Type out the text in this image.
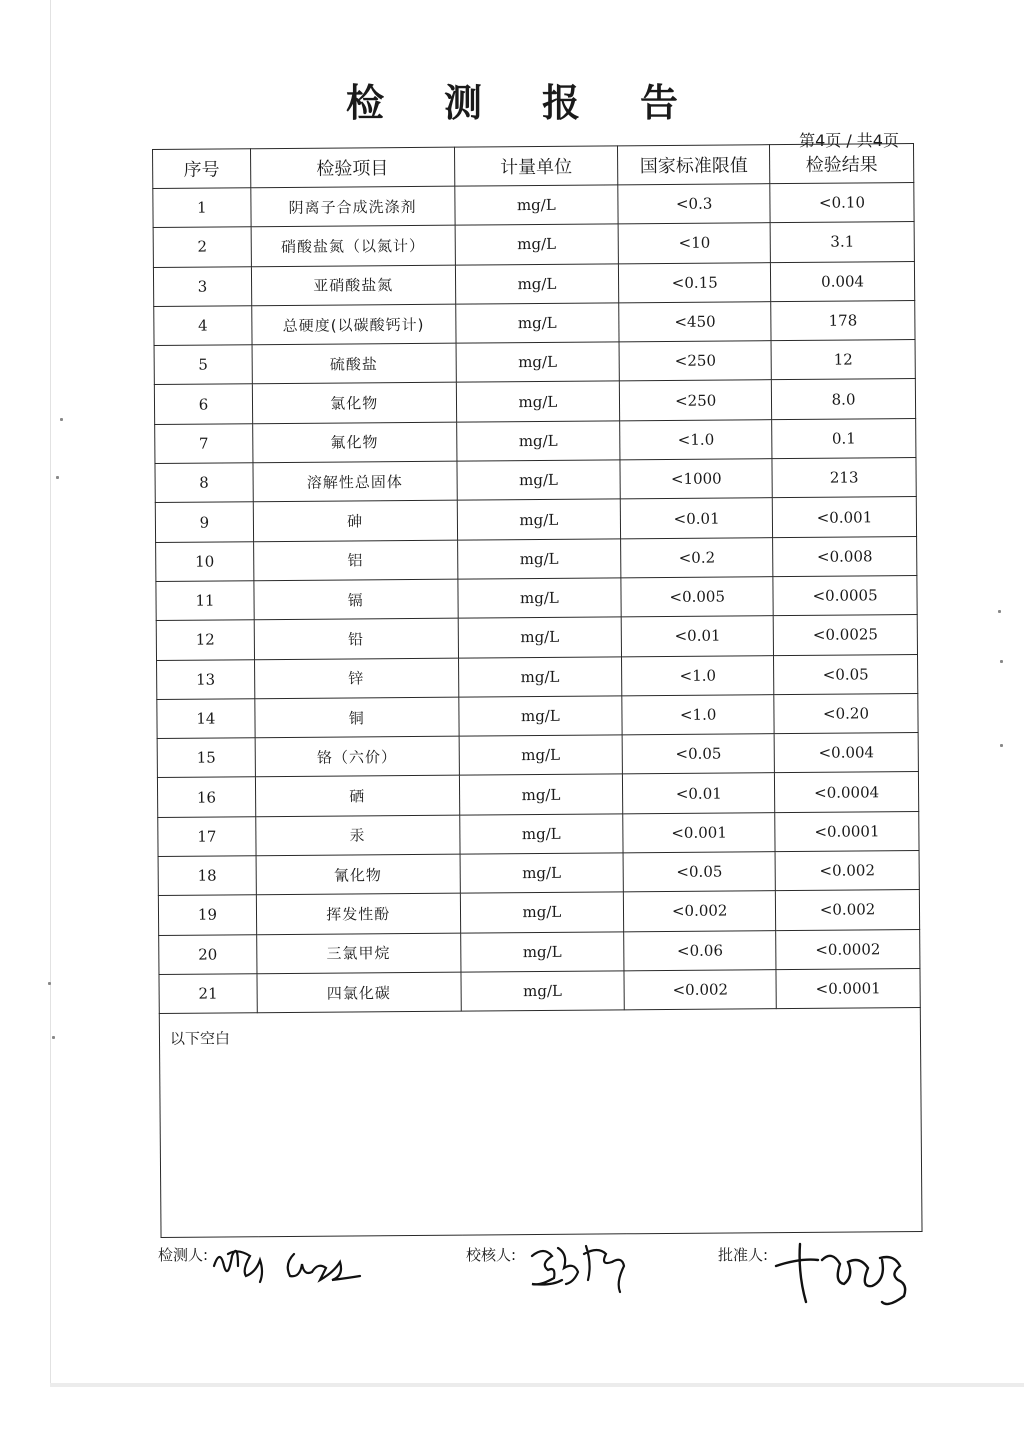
检 测 报 告
第4页 / 共4页
序号	检验项目	计量单位	国家标准限值	检验结果
1	阴离子合成洗涤剂	mg/L	<0.3	<0.10
2	硝酸盐氮（以氮计）	mg/L	<10	3.1
3	亚硝酸盐氮	mg/L	<0.15	0.004
4	总硬度(以碳酸钙计)	mg/L	<450	178
5	硫酸盐	mg/L	<250	12
6	氯化物	mg/L	<250	8.0
7	氟化物	mg/L	<1.0	0.1
8	溶解性总固体	mg/L	<1000	213
9	砷	mg/L	<0.01	<0.001
10	铝	mg/L	<0.2	<0.008
11	镉	mg/L	<0.005	<0.0005
12	铅	mg/L	<0.01	<0.0025
13	锌	mg/L	<1.0	<0.05
14	铜	mg/L	<1.0	<0.20
15	铬（六价）	mg/L	<0.05	<0.004
16	硒	mg/L	<0.01	<0.0004
17	汞	mg/L	<0.001	<0.0001
18	氰化物	mg/L	<0.05	<0.002
19	挥发性酚	mg/L	<0.002	<0.002
20	三氯甲烷	mg/L	<0.06	<0.0002
21	四氯化碳	mg/L	<0.002	<0.0001
以下空白				
检测人:	校核人:	批准人:
